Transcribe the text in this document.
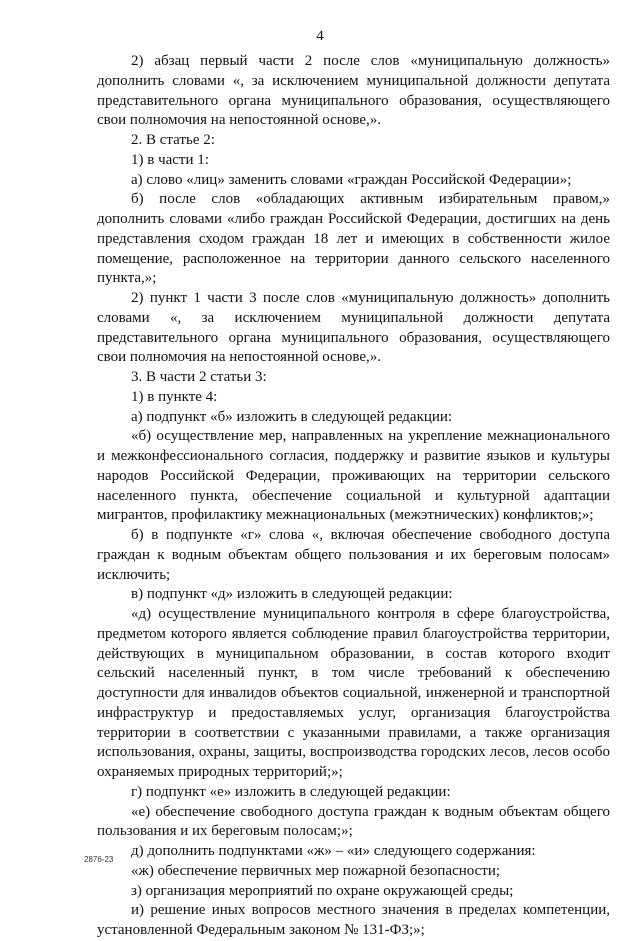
4
2) абзац первый части 2 после слов «муниципальную должность»
дополнить словами «, за исключением муниципальной должности депутата
представительного органа муниципального образования, осуществляющего
свои полномочия на непостоянной основе,».
2. В статье 2:
1) в части 1:
а) слово «лиц» заменить словами «граждан Российской Федерации»;
б) после слов «обладающих активным избирательным правом,»
дополнить словами «либо граждан Российской Федерации, достигших на день
представления сходом граждан 18 лет и имеющих в собственности жилое
помещение, расположенное на территории данного сельского населенного
пункта,»;
2) пункт 1 части 3 после слов «муниципальную должность» дополнить
словами «, за исключением муниципальной должности депутата
представительного органа муниципального образования, осуществляющего
свои полномочия на непостоянной основе,».
3. В части 2 статьи 3:
1) в пункте 4:
а) подпункт «б» изложить в следующей редакции:
«б) осуществление мер, направленных на укрепление межнационального
и межконфессионального согласия, поддержку и развитие языков и культуры
народов Российской Федерации, проживающих на территории сельского
населенного пункта, обеспечение социальной и культурной адаптации
мигрантов, профилактику межнациональных (межэтнических) конфликтов;»;
б) в подпункте «г» слова «, включая обеспечение свободного доступа
граждан к водным объектам общего пользования и их береговым полосам»
исключить;
в) подпункт «д» изложить в следующей редакции:
«д) осуществление муниципального контроля в сфере благоустройства,
предметом которого является соблюдение правил благоустройства территории,
действующих в муниципальном образовании, в состав которого входит
сельский населенный пункт, в том числе требований к обеспечению
доступности для инвалидов объектов социальной, инженерной и транспортной
инфраструктур и предоставляемых услуг, организация благоустройства
территории в соответствии с указанными правилами, а также организация
использования, охраны, защиты, воспроизводства городских лесов, лесов особо
охраняемых природных территорий;»;
г) подпункт «е» изложить в следующей редакции:
«е) обеспечение свободного доступа граждан к водным объектам общего
пользования и их береговым полосам;»;
д) дополнить подпунктами «ж» – «и» следующего содержания:
«ж) обеспечение первичных мер пожарной безопасности;
з) организация мероприятий по охране окружающей среды;
и) решение иных вопросов местного значения в пределах компетенции,
установленной Федеральным законом № 131-ФЗ;»;
2876-23
